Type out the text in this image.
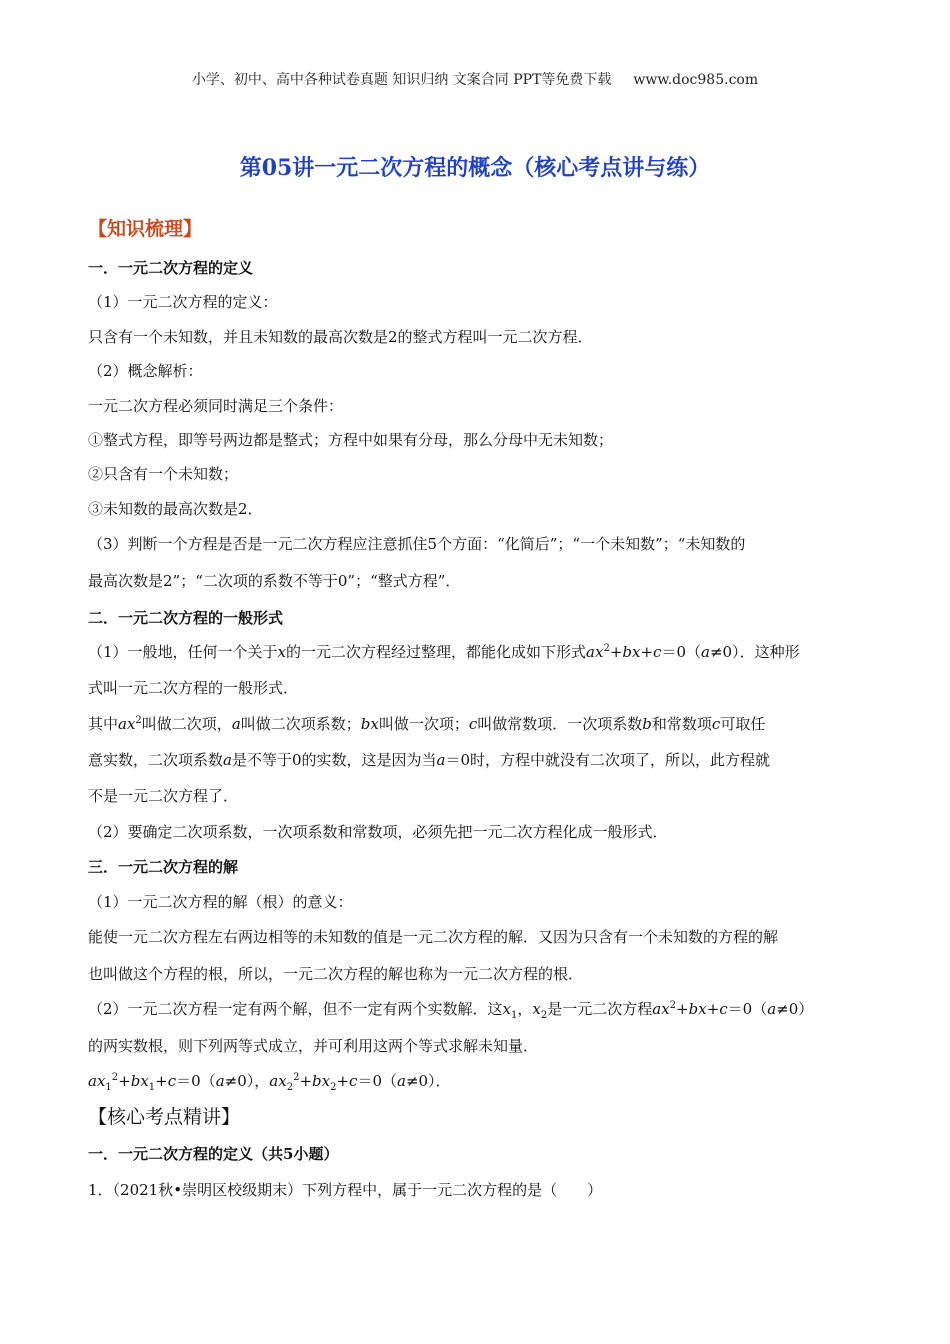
小学、初中、高中各种试卷真题 知识归纳 文案合同 PPT等免费下载 www.doc985.com
第05讲一元二次方程的概念（核心考点讲与练）
【知识梳理】
一．一元二次方程的定义
（1）一元二次方程的定义：
只含有一个未知数，并且未知数的最高次数是2的整式方程叫一元二次方程．
（2）概念解析：
一元二次方程必须同时满足三个条件：
①整式方程，即等号两边都是整式；方程中如果有分母，那么分母中无未知数；
②只含有一个未知数；
③未知数的最高次数是2．
（3）判断一个方程是否是一元二次方程应注意抓住5个方面：“化简后”；“一个未知数”；“未知数的
最高次数是2”；“二次项的系数不等于0”；“整式方程”．
二．一元二次方程的一般形式
（1）一般地，任何一个关于x的一元二次方程经过整理，都能化成如下形式$ax^2+bx+c=0(a\ne 0)$．这种形
式叫一元二次方程的一般形式．
其中$ax^2$叫做二次项，a叫做二次项系数；bx叫做一次项；c叫做常数项．一次项系数b和常数项c可取任
意实数，二次项系数a是不等于0的实数，这是因为当a＝0时，方程中就没有二次项了，所以，此方程就
不是一元二次方程了．
（2）要确定二次项系数，一次项系数和常数项，必须先把一元二次方程化成一般形式．
三．一元二次方程的解
（1）一元二次方程的解（根）的意义：
能使一元二次方程左右两边相等的未知数的值是一元二次方程的解．又因为只含有一个未知数的方程的解
也叫做这个方程的根，所以，一元二次方程的解也称为一元二次方程的根．
（2）一元二次方程一定有两个解，但不一定有两个实数解．这$x_1$，$x_2$是一元二次方程$ax^2+bx+c=0(a\ne 0)$
的两实数根，则下列两等式成立，并可利用这两个等式求解未知量．
$ax_1^2+bx_1+c=0(a\ne 0)$，$ax_2^2+bx_2+c=0(a\ne 0)$．
【核心考点精讲】
一．一元二次方程的定义（共5小题）
1．（2021秋•崇明区校级期末）下列方程中，属于一元二次方程的是（　　）
